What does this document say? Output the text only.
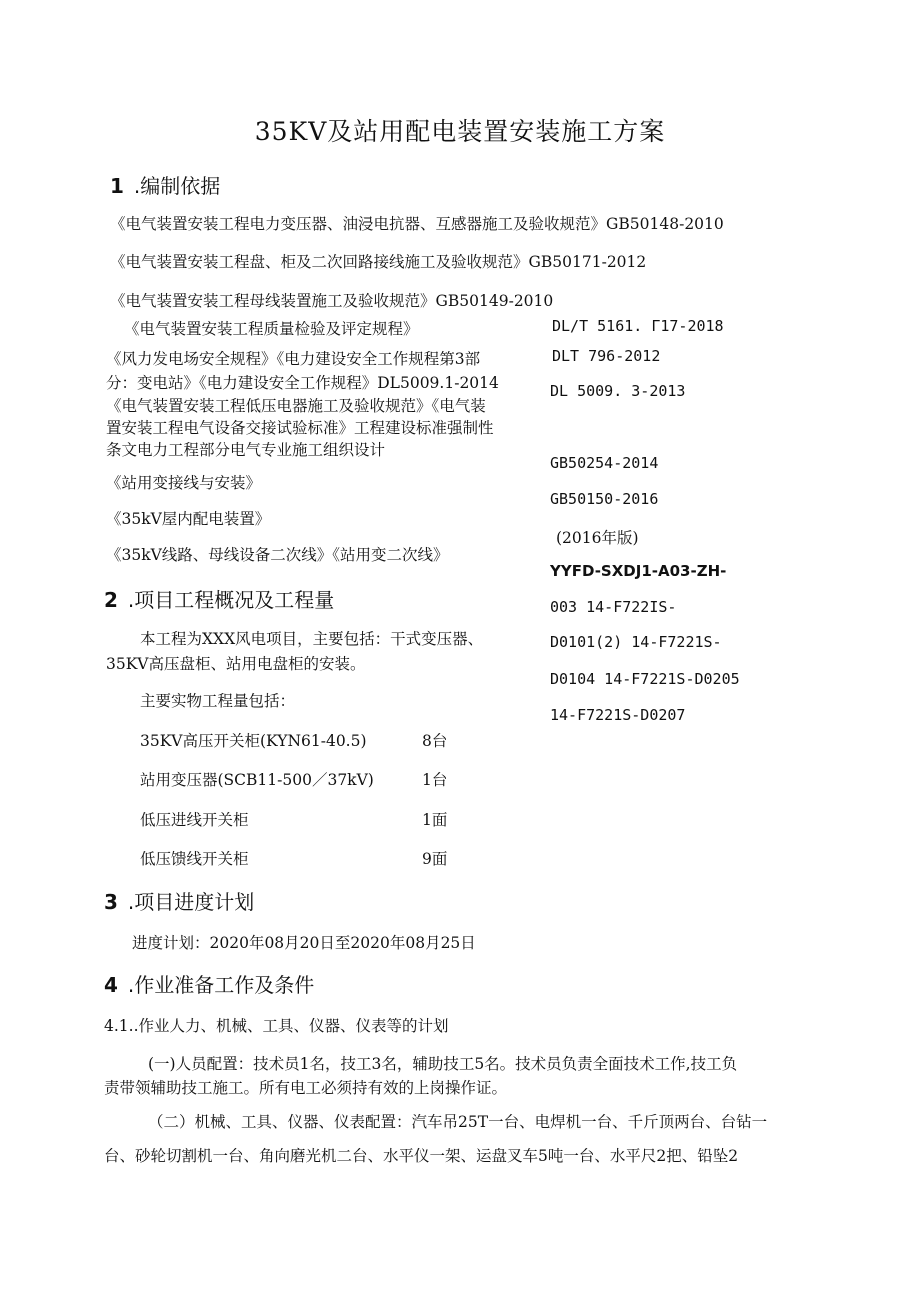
35KV及站用配电装置安装施工方案
1 .编制依据
《电气装置安装工程电力变压器、油浸电抗器、互感器施工及验收规范》GB50148-2010
《电气装置安装工程盘、柜及二次回路接线施工及验收规范》GB50171-2012
《电气装置安装工程母线装置施工及验收规范》GB50149-2010
《电气装置安装工程质量检验及评定规程》
《风力发电场安全规程》《电力建设安全工作规程第3部
分：变电站》《电力建设安全工作规程》DL5009.1-2014
《电气装置安装工程低压电器施工及验收规范》《电气装
置安装工程电气设备交接试验标准》工程建设标准强制性
条文电力工程部分电气专业施工组织设计
《站用变接线与安装》
《35kV屋内配电装置》
《35kV线路、母线设备二次线》《站用变二次线》
DL/T 5161. Γ17-2018
DLT 796-2012
DL 5009. 3-2013
GB50254-2014
GB50150-2016
(2016年版)
YYFD-SXDJ1-A03-ZH-
003 14-F722IS-
D0101(2) 14-F7221S-
D0104 14-F7221S-D0205
14-F7221S-D0207
2 .项目工程概况及工程量
本工程为XXX风电项目，主要包括：干式变压器、
35KV高压盘柜、站用电盘柜的安装。
主要实物工程量包括：
35KV高压开关柜(KYN61-40.5)	8台
站用变压器(SCB11-500／37kV)	1台
低压进线开关柜	1面
低压馈线开关柜	9面
3 .项目进度计划
进度计划：2020年08月20日至2020年08月25日
4 .作业准备工作及条件
4.1..作业人力、机械、工具、仪器、仪表等的计划
(一)人员配置：技术员1名，技工3名，辅助技工5名。技术员负责全面技术工作,技工负
责带领辅助技工施工。所有电工必须持有效的上岗操作证。
（二）机械、工具、仪器、仪表配置：汽车吊25T一台、电焊机一台、千斤顶两台、台钻一
台、砂轮切割机一台、角向磨光机二台、水平仪一架、运盘叉车5吨一台、水平尺2把、铅坠2
